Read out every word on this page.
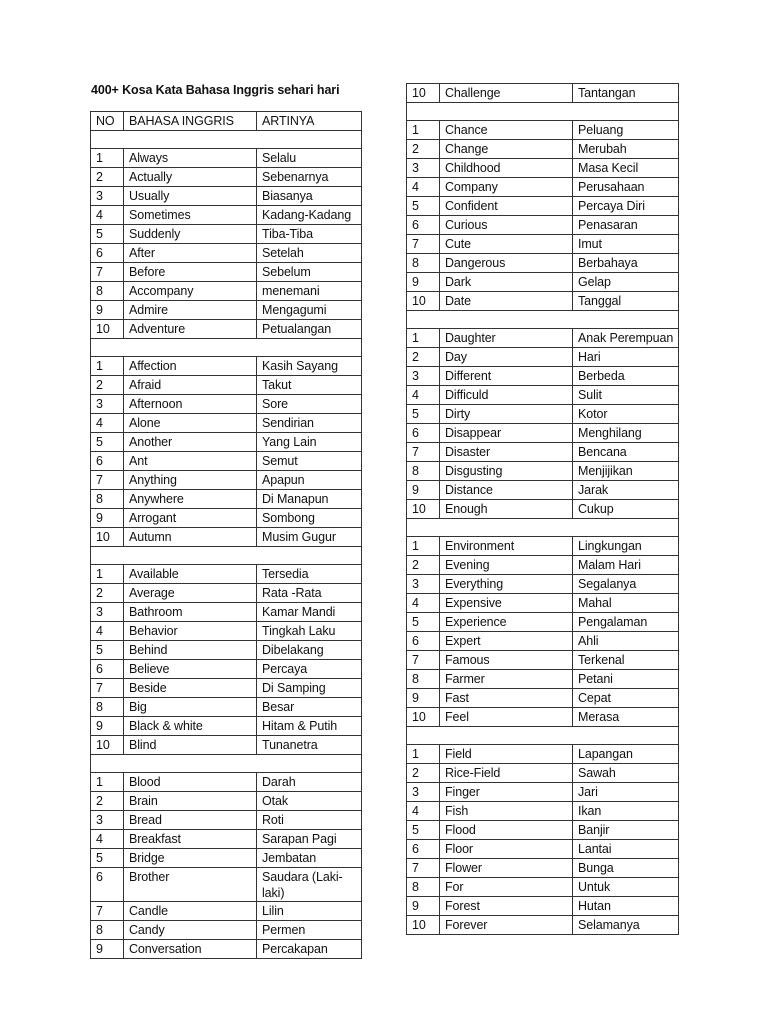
400+ Kosa Kata Bahasa Inggris sehari hari
NO	BAHASA INGGRIS	ARTINYA

1	Always	Selalu
2	Actually	Sebenarnya
3	Usually	Biasanya
4	Sometimes	Kadang-Kadang
5	Suddenly	Tiba-Tiba
6	After	Setelah
7	Before	Sebelum
8	Accompany	menemani
9	Admire	Mengagumi
10	Adventure	Petualangan

1	Affection	Kasih Sayang
2	Afraid	Takut
3	Afternoon	Sore
4	Alone	Sendirian
5	Another	Yang Lain
6	Ant	Semut
7	Anything	Apapun
8	Anywhere	Di Manapun
9	Arrogant	Sombong
10	Autumn	Musim Gugur

1	Available	Tersedia
2	Average	Rata -Rata
3	Bathroom	Kamar Mandi
4	Behavior	Tingkah Laku
5	Behind	Dibelakang
6	Believe	Percaya
7	Beside	Di Samping
8	Big	Besar
9	Black & white	Hitam & Putih
10	Blind	Tunanetra

1	Blood	Darah
2	Brain	Otak
3	Bread	Roti
4	Breakfast	Sarapan Pagi
5	Bridge	Jembatan
6	Brother	Saudara (Laki-laki)
7	Candle	Lilin
8	Candy	Permen
9	Conversation	Percakapan
10	Challenge	Tantangan

1	Chance	Peluang
2	Change	Merubah
3	Childhood	Masa Kecil
4	Company	Perusahaan
5	Confident	Percaya Diri
6	Curious	Penasaran
7	Cute	Imut
8	Dangerous	Berbahaya
9	Dark	Gelap
10	Date	Tanggal

1	Daughter	Anak Perempuan
2	Day	Hari
3	Different	Berbeda
4	Difficuld	Sulit
5	Dirty	Kotor
6	Disappear	Menghilang
7	Disaster	Bencana
8	Disgusting	Menjijikan
9	Distance	Jarak
10	Enough	Cukup

1	Environment	Lingkungan
2	Evening	Malam Hari
3	Everything	Segalanya
4	Expensive	Mahal
5	Experience	Pengalaman
6	Expert	Ahli
7	Famous	Terkenal
8	Farmer	Petani
9	Fast	Cepat
10	Feel	Merasa

1	Field	Lapangan
2	Rice-Field	Sawah
3	Finger	Jari
4	Fish	Ikan
5	Flood	Banjir
6	Floor	Lantai
7	Flower	Bunga
8	For	Untuk
9	Forest	Hutan
10	Forever	Selamanya
